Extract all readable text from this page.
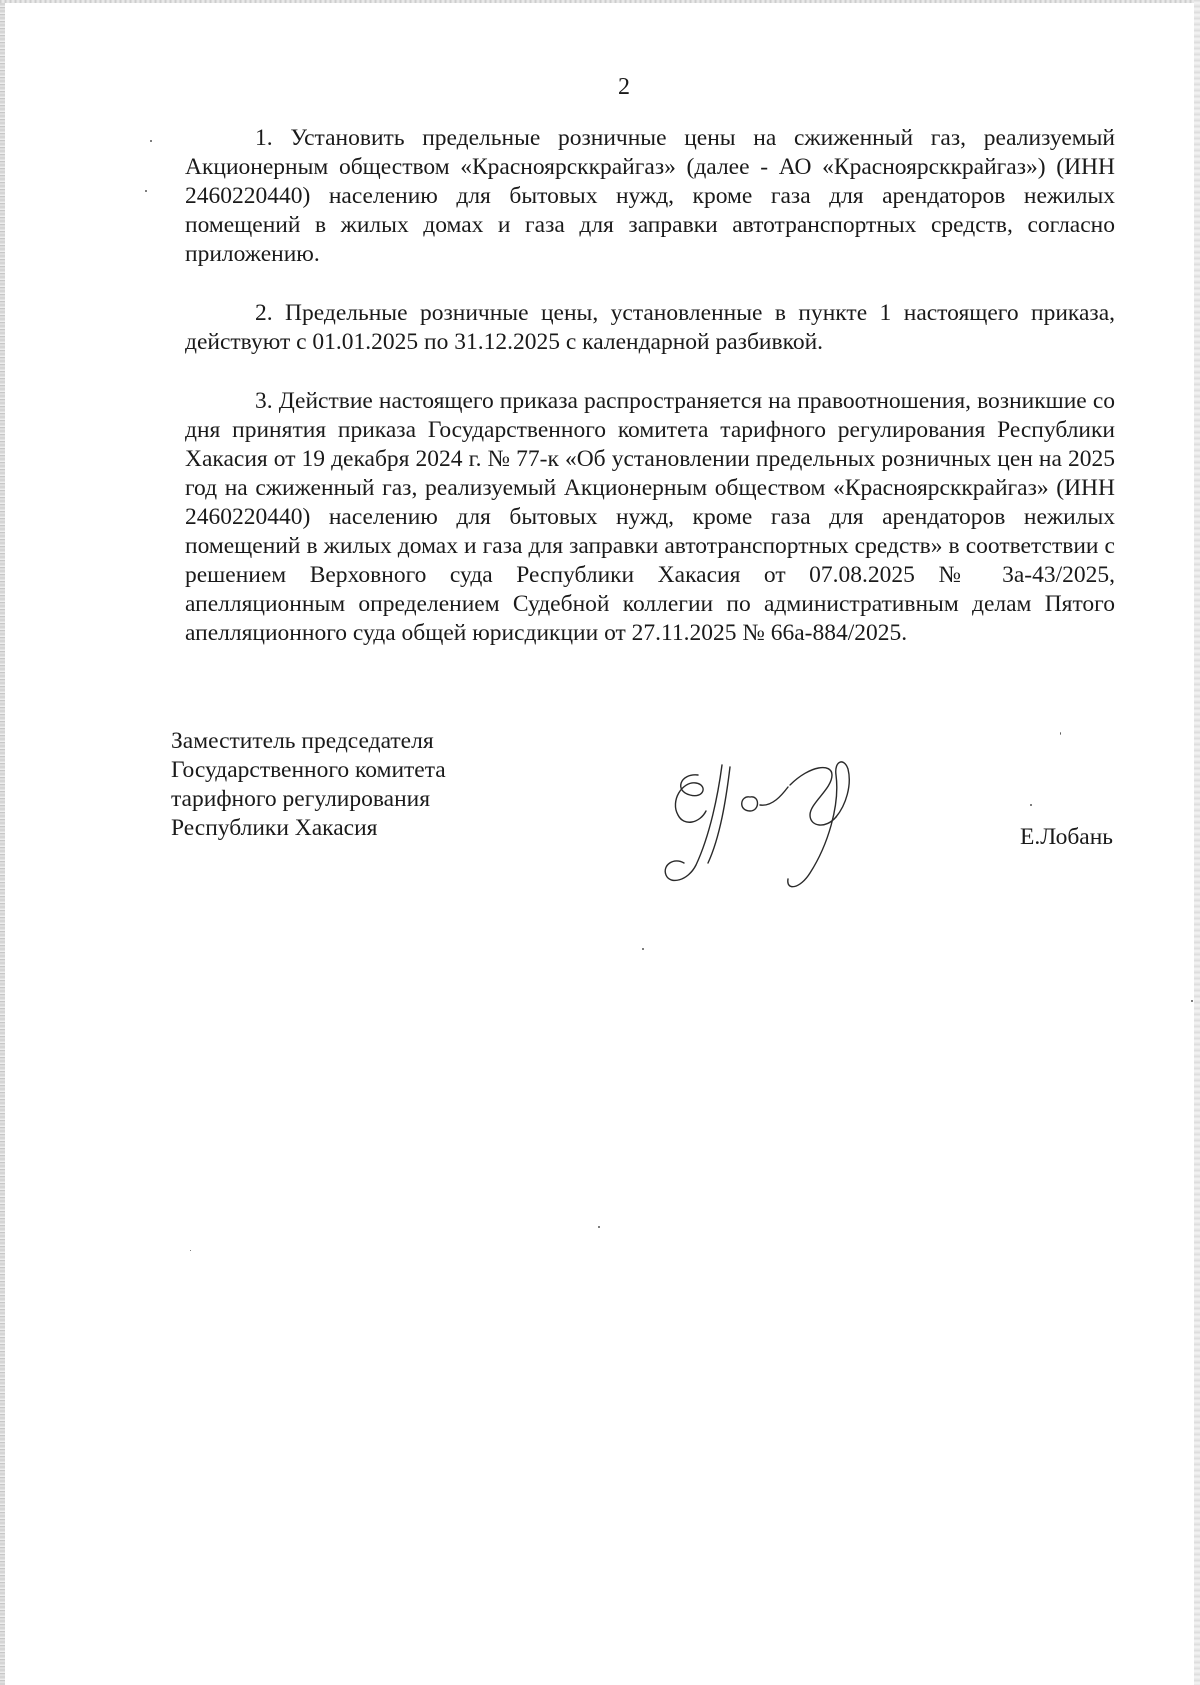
2

1. Установить предельные розничные цены на сжиженный газ, реализуемый Акционерным обществом «Красноярсккрайгаз» (далее - АО «Красноярсккрайгаз») (ИНН 2460220440) населению для бытовых нужд, кроме газа для арендаторов нежилых помещений в жилых домах и газа для заправки автотранспортных средств, согласно приложению.

2. Предельные розничные цены, установленные в пункте 1 настоящего приказа, действуют с 01.01.2025 по 31.12.2025 с календарной разбивкой.

3. Действие настоящего приказа распространяется на правоотношения, возникшие со дня принятия приказа Государственного комитета тарифного регулирования Республики Хакасия от 19 декабря 2024 г. № 77-к «Об установлении предельных розничных цен на 2025 год на сжиженный газ, реализуемый Акционерным обществом «Красноярсккрайгаз» (ИНН 2460220440) населению для бытовых нужд, кроме газа для арендаторов нежилых помещений в жилых домах и газа для заправки автотранспортных средств» в соответствии с решением Верховного суда Республики Хакасия от 07.08.2025 № 3а-43/2025, апелляционным определением Судебной коллегии по административным делам Пятого апелляционного суда общей юрисдикции от 27.11.2025 № 66а-884/2025.

Заместитель председателя
Государственного комитета
тарифного регулирования
Республики Хакасия	Е.Лобань
